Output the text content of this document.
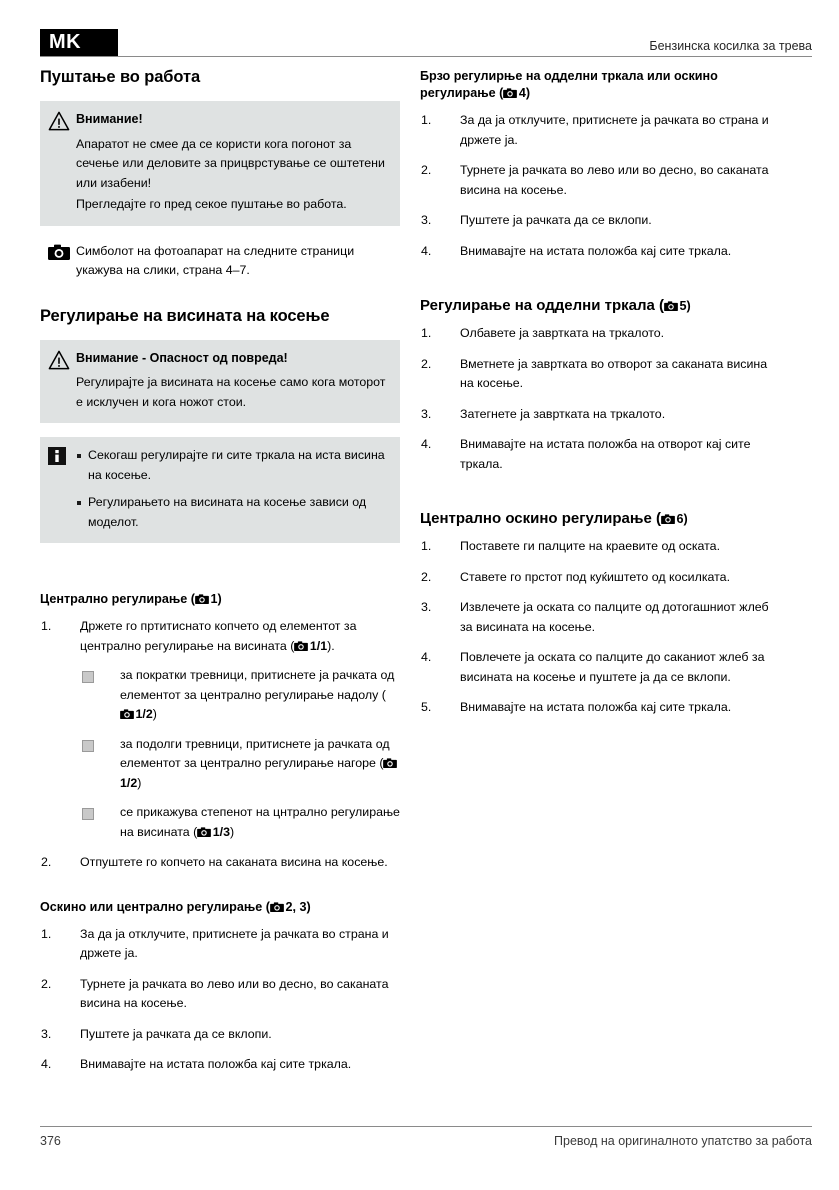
MK	Бензинска косилка за трева
Пуштање во работа
Внимание!

Апаратот не смее да се користи кога погонот за сечење или деловите за прицврстување се оштетени или изабени!

Прегледајте го пред секое пуштање во работа.

Симболот на фотоапарат на следните страници укажува на слики, страна 4–7.
Регулирање на висината на косење
Внимание - Опасност од повреда!

Регулирајте ја висината на косење само кога моторот е исклучен и кога ножот стои.

Секогаш регулирајте ги сите тркала на иста висина на косење.
Регулирањето на висината на косење зависи од моделот.
Централно регулирање ( 1)
Држете го пртитиснато копчето од елементот за централно регулирање на висината ( 1/1).
за пократки тревници, притиснете ја рачката од елементот за централно регулирање надолу (1/2)
за подолги тревници, притиснете ја рачката од елементот за централно регулирање нагоре (1/2)
се прикажува степенот на цнтрално регулирање на висината ( 1/3)
Отпуштете го копчето на саканата висина на косење.
Оскино или централно регулирање ( 2, 3)
За да ја отклучите, притиснете ја рачката во страна и држете ја.
Турнете ја рачката во лево или во десно, во саканата висина на косење.
Пуштете ја рачката да се вклопи.
Внимавајте на истата положба кај сите тркала.
Брзо регулирње на одделни тркала или оскино регулирање ( 4)
За да ја отклучите, притиснете ја рачката во страна и држете ја.
Турнете ја рачката во лево или во десно, во саканата висина на косење.
Пуштете ја рачката да се вклопи.
Внимавајте на истата положба кај сите тркала.
Регулирање на одделни тркала ( 5)
Олбавете ја завртката на тркалото.
Вметнете ја завртката во отворот за саканата висина на косење.
Затегнете ја завртката на тркалото.
Внимавајте на истата положба на отворот кај сите тркала.
Централно оскино регулирање ( 6)
Поставете ги палците на краевите од оската.
Ставете го прстот под куќиштето од косилката.
Извлечете ја оската со палците од дотогашниот жлеб за висината на косење.
Повлечете ја оската со палците до саканиот жлеб за висината на косење и пуштете ја да се вклопи.
Внимавајте на истата положба кај сите тркала.
376	Превод на оригиналното упатство за работа
